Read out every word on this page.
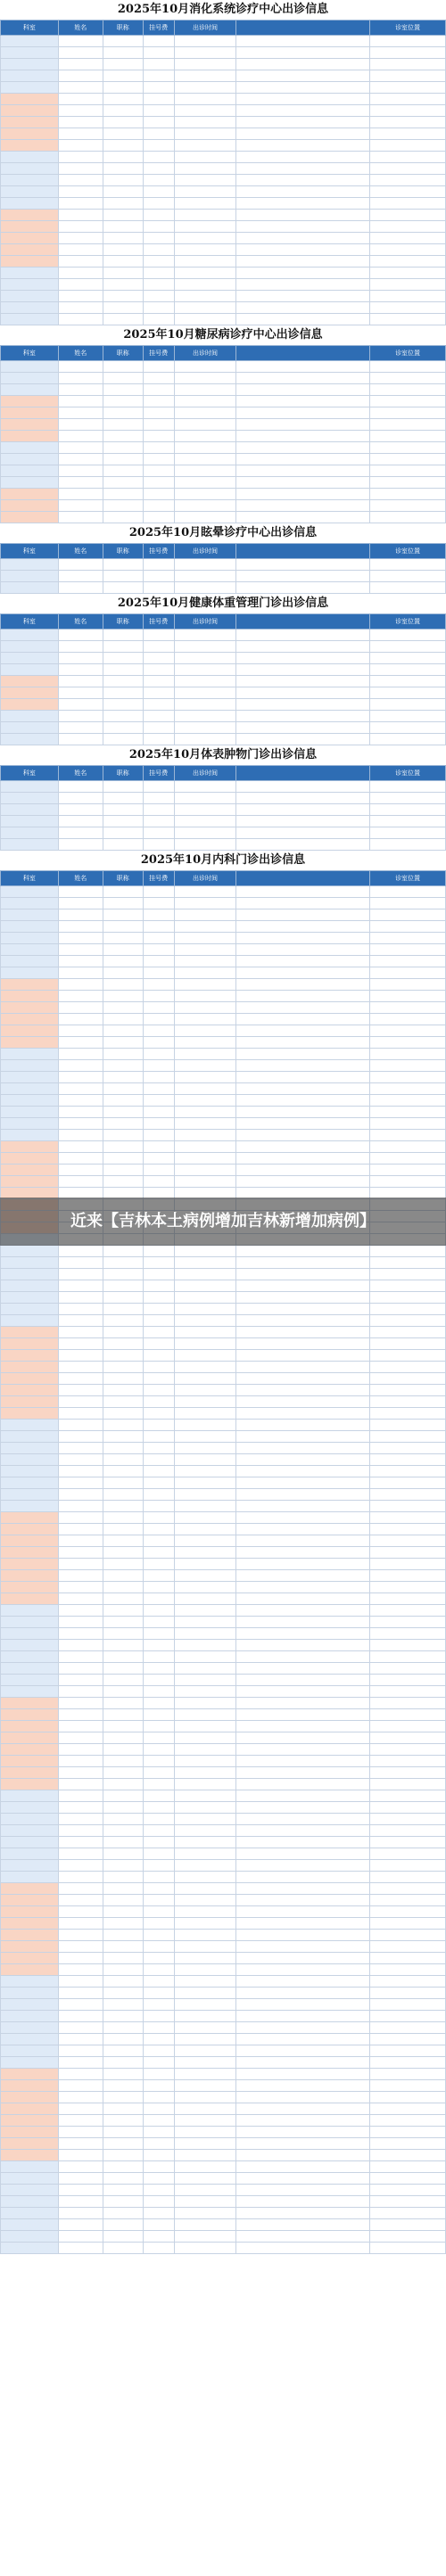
2025年10月消化系统诊疗中心出诊信息
科室	姓名	职称	挂号费	出诊时间		诊室位置

2025年10月糖尿病诊疗中心出诊信息
科室	姓名	职称	挂号费	出诊时间		诊室位置

2025年10月眩晕诊疗中心出诊信息
科室	姓名	职称	挂号费	出诊时间		诊室位置

2025年10月健康体重管理门诊出诊信息
科室	姓名	职称	挂号费	出诊时间		诊室位置

2025年10月体表肿物门诊出诊信息
科室	姓名	职称	挂号费	出诊时间		诊室位置

2025年10月内科门诊出诊信息
科室	姓名	职称	挂号费	出诊时间		诊室位置

近来【吉林本土病例增加吉林新增加病例】
